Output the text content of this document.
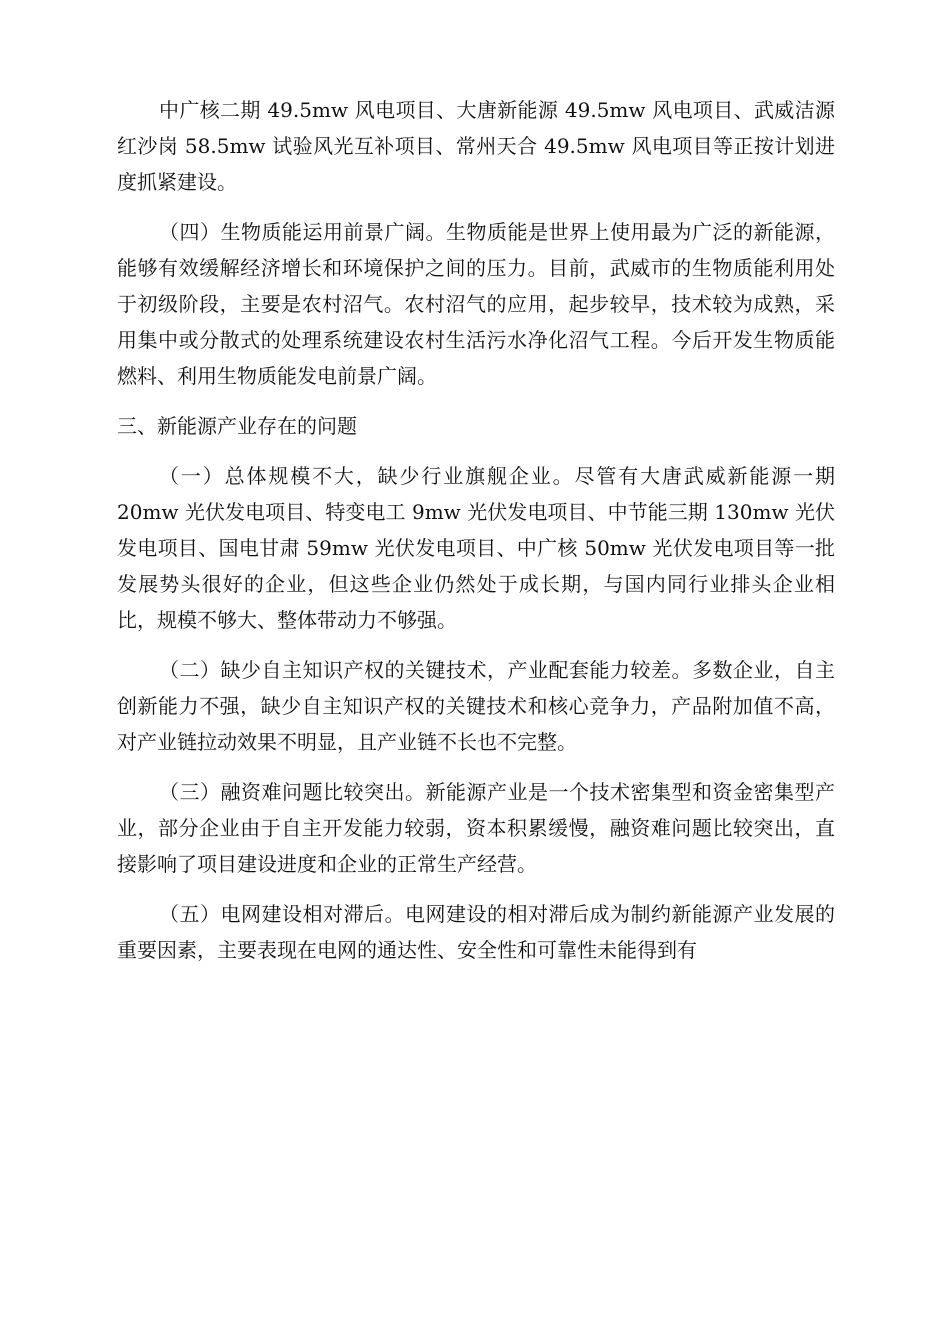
中广核二期 49.5mw 风电项目、大唐新能源 49.5mw 风电项目、武威洁源红沙岗 58.5mw 试验风光互补项目、常州天合 49.5mw 风电项目等正按计划进度抓紧建设。

（四）生物质能运用前景广阔。生物质能是世界上使用最为广泛的新能源，能够有效缓解经济增长和环境保护之间的压力。目前，武威市的生物质能利用处于初级阶段，主要是农村沼气。农村沼气的应用，起步较早，技术较为成熟，采用集中或分散式的处理系统建设农村生活污水净化沼气工程。今后开发生物质能燃料、利用生物质能发电前景广阔。

三、新能源产业存在的问题

（一）总体规模不大，缺少行业旗舰企业。尽管有大唐武威新能源一期 20mw 光伏发电项目、特变电工 9mw 光伏发电项目、中节能三期 130mw 光伏发电项目、国电甘肃 59mw 光伏发电项目、中广核 50mw 光伏发电项目等一批发展势头很好的企业，但这些企业仍然处于成长期，与国内同行业排头企业相比，规模不够大、整体带动力不够强。

（二）缺少自主知识产权的关键技术，产业配套能力较差。多数企业，自主创新能力不强，缺少自主知识产权的关键技术和核心竞争力，产品附加值不高，对产业链拉动效果不明显，且产业链不长也不完整。

（三）融资难问题比较突出。新能源产业是一个技术密集型和资金密集型产业，部分企业由于自主开发能力较弱，资本积累缓慢，融资难问题比较突出，直接影响了项目建设进度和企业的正常生产经营。

（五）电网建设相对滞后。电网建设的相对滞后成为制约新能源产业发展的重要因素，主要表现在电网的通达性、安全性和可靠性未能得到有
